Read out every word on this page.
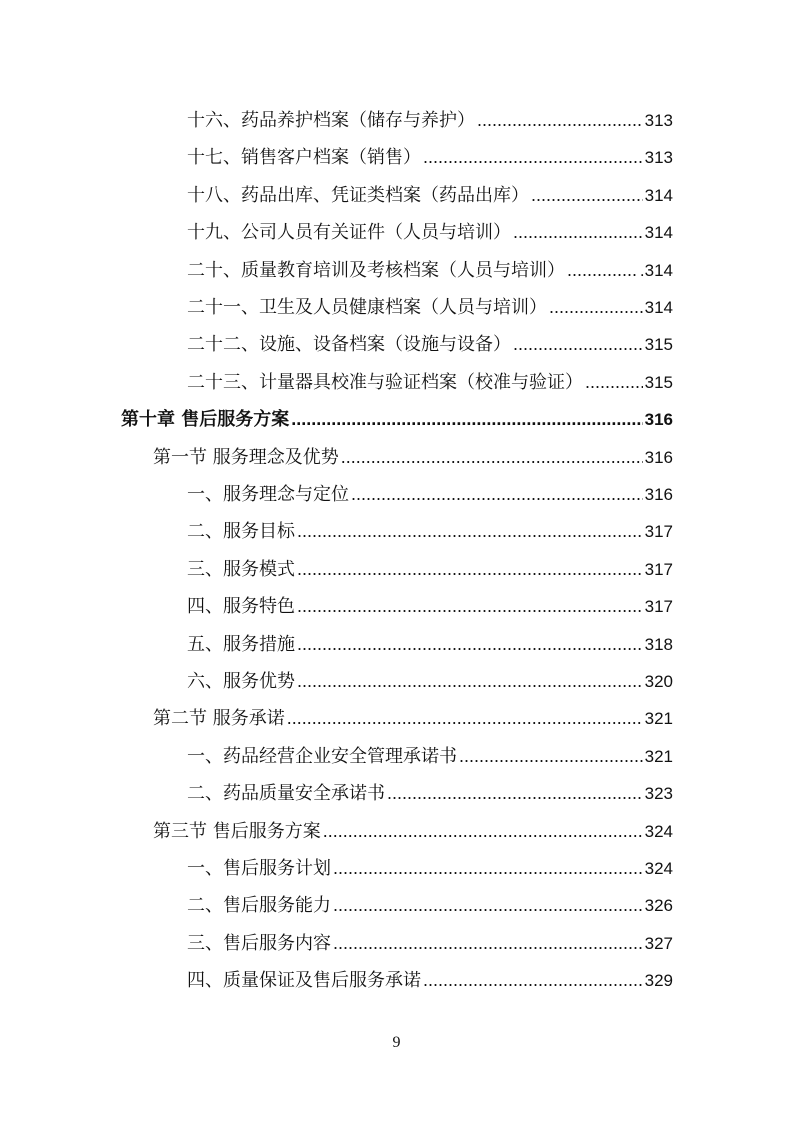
十六、药品养护档案（储存与养护） .....	313
十七、销售客户档案（销售） .....	313
十八、药品出库、凭证类档案（药品出库） .....	314
十九、公司人员有关证件（人员与培训） .....	314
二十、质量教育培训及考核档案（人员与培训） .....	.314
二十一、卫生及人员健康档案（人员与培训） .....	314
二十二、设施、设备档案（设施与设备） .....	315
二十三、计量器具校准与验证档案（校准与验证） .....	315
第十章 售后服务方案 .....	316
第一节 服务理念及优势 .....	316
一、服务理念与定位 .....	316
二、服务目标 .....	317
三、服务模式 .....	317
四、服务特色 .....	317
五、服务措施 .....	318
六、服务优势 .....	320
第二节 服务承诺 .....	321
一、药品经营企业安全管理承诺书 .....	321
二、药品质量安全承诺书 .....	323
第三节 售后服务方案 .....	324
一、售后服务计划 .....	324
二、售后服务能力 .....	326
三、售后服务内容 .....	327
四、质量保证及售后服务承诺 .....	329
9
